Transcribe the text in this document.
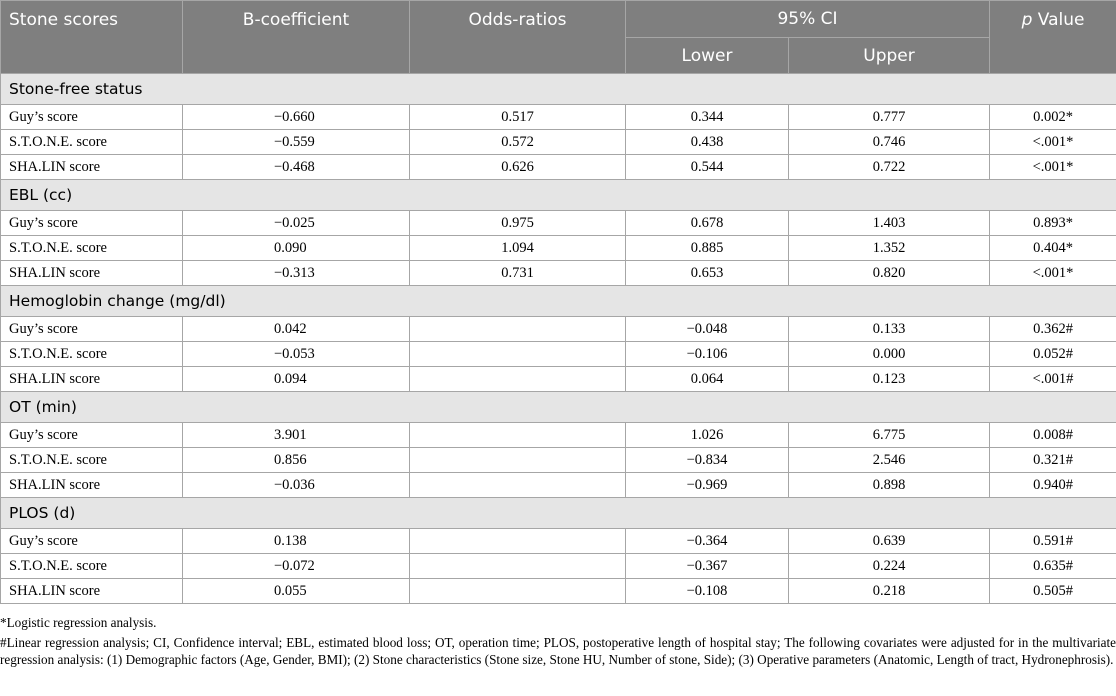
Stone scores	B-coefficient	Odds-ratios	95% CI		p Value
			Lower	Upper	
Stone-free status					
Guy’s score	−0.660	0.517	0.344	0.777	0.002*
S.T.O.N.E. score	−0.559	0.572	0.438	0.746	<.001*
SHA.LIN score	−0.468	0.626	0.544	0.722	<.001*
EBL (cc)					
Guy’s score	−0.025	0.975	0.678	1.403	0.893*
S.T.O.N.E. score	0.090	1.094	0.885	1.352	0.404*
SHA.LIN score	−0.313	0.731	0.653	0.820	<.001*
Hemoglobin change (mg/dl)					
Guy’s score	0.042		−0.048	0.133	0.362#
S.T.O.N.E. score	−0.053		−0.106	0.000	0.052#
SHA.LIN score	0.094		0.064	0.123	<.001#
OT (min)					
Guy’s score	3.901		1.026	6.775	0.008#
S.T.O.N.E. score	0.856		−0.834	2.546	0.321#
SHA.LIN score	−0.036		−0.969	0.898	0.940#
PLOS (d)					
Guy’s score	0.138		−0.364	0.639	0.591#
S.T.O.N.E. score	−0.072		−0.367	0.224	0.635#
SHA.LIN score	0.055		−0.108	0.218	0.505#

*Logistic regression analysis.

#Linear regression analysis; CI, Confidence interval; EBL, estimated blood loss; OT, operation time; PLOS, postoperative length of hospital stay; The following covariates were adjusted for in the multivariate regression analysis: (1) Demographic factors (Age, Gender, BMI); (2) Stone characteristics (Stone size, Stone HU, Number of stone, Side); (3) Operative parameters (Anatomic, Length of tract, Hydronephrosis).
